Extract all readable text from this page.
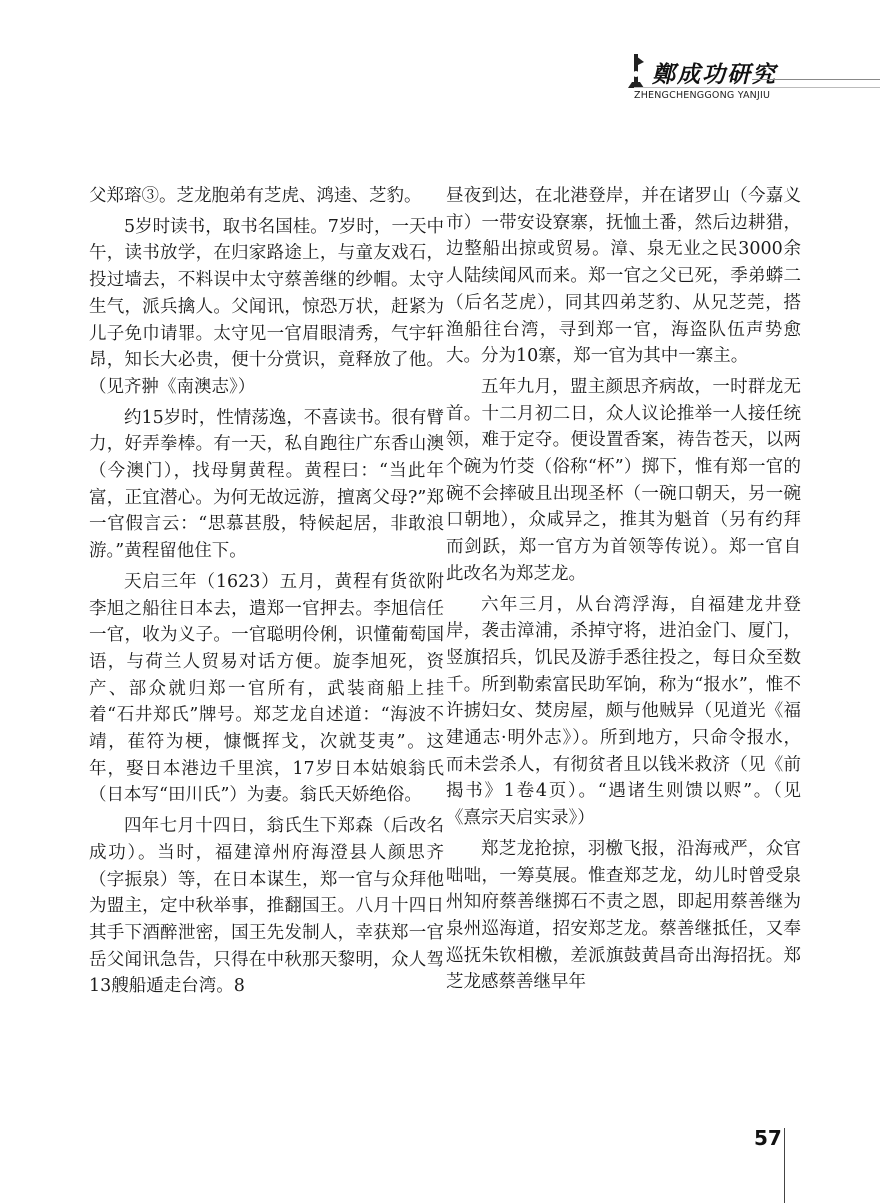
鄭成功研究
ZHENGCHENGGONG YANJIU

父郑瑢③。芝龙胞弟有芝虎、鸿逵、芝豹。

5岁时读书，取书名国桂。7岁时，一天中午，读书放学，在归家路途上，与童友戏石，投过墙去，不料误中太守蔡善继的纱帽。太守生气，派兵擒人。父闻讯，惊恐万状，赶紧为儿子免巾请罪。太守见一官眉眼清秀，气宇轩昂，知长大必贵，便十分赏识，竟释放了他。（见齐翀《南澳志》）

约15岁时，性情荡逸，不喜读书。很有臂力，好弄拳棒。有一天，私自跑往广东香山澳（今澳门），找母舅黄程。黄程曰：“当此年富，正宜潜心。为何无故远游，擅离父母?”郑一官假言云：“思慕甚殷，特候起居，非敢浪游。”黄程留他住下。

天启三年（1623）五月，黄程有货欲附李旭之船往日本去，遣郑一官押去。李旭信任一官，收为义子。一官聪明伶俐，识懂葡萄国语，与荷兰人贸易对话方便。旋李旭死，资产、部众就归郑一官所有，武装商船上挂着“石井郑氏”牌号。郑芝龙自述道：“海波不靖，萑符为梗，慷慨挥戈，次就芟夷”。这年，娶日本港边千里滨，17岁日本姑娘翁氏（日本写“田川氏”）为妻。翁氏天娇绝俗。

四年七月十四日，翁氏生下郑森（后改名成功）。当时，福建漳州府海澄县人颜思齐（字振泉）等，在日本谋生，郑一官与众拜他为盟主，定中秋举事，推翻国王。八月十四日其手下酒醉泄密，国王先发制人，幸获郑一官岳父闻讯急告，只得在中秋那天黎明，众人驾13艘船遁走台湾。8

昼夜到达，在北港登岸，并在诸罗山（今嘉义市）一带安设寮寨，抚恤土番，然后边耕猎，边整船出掠或贸易。漳、泉无业之民3000余人陆续闻风而来。郑一官之父已死，季弟蟒二（后名芝虎），同其四弟芝豹、从兄芝莞，搭渔船往台湾，寻到郑一官，海盗队伍声势愈大。分为10寨，郑一官为其中一寨主。

五年九月，盟主颜思齐病故，一时群龙无首。十二月初二日，众人议论推举一人接任统领，难于定夺。便设置香案，祷告苍天，以两个碗为竹茭（俗称“杯”）掷下，惟有郑一官的碗不会摔破且出现圣杯（一碗口朝天，另一碗口朝地），众咸异之，推其为魁首（另有约拜而剑跃，郑一官方为首领等传说）。郑一官自此改名为郑芝龙。

六年三月，从台湾浮海，自福建龙井登岸，袭击漳浦，杀掉守将，进泊金门、厦门，竖旗招兵，饥民及游手悉往投之，每日众至数千。所到勒索富民助军饷，称为“报水”，惟不许掳妇女、焚房屋，颇与他贼异（见道光《福建通志·明外志》）。所到地方，只命令报水，而未尝杀人，有彻贫者且以钱米救济（见《前揭书》1卷4页）。“遇诸生则馈以赆”。（见《熹宗天启实录》）

郑芝龙抢掠，羽檄飞报，沿海戒严，众官咄咄，一筹莫展。惟查郑芝龙，幼儿时曾受泉州知府蔡善继掷石不责之恩，即起用蔡善继为泉州巡海道，招安郑芝龙。蔡善继抵任，又奉巡抚朱钦相檄，差派旗鼓黄昌奇出海招抚。郑芝龙感蔡善继早年

57
